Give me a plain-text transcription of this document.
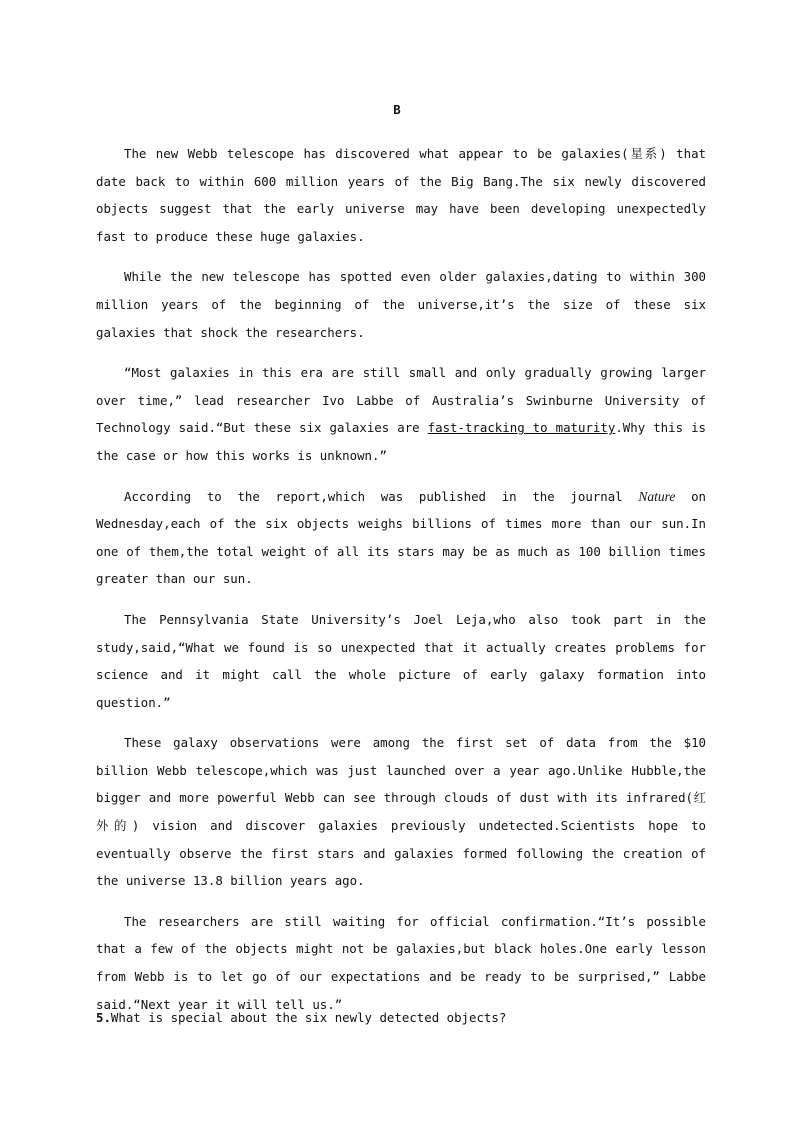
B

The new Webb telescope has discovered what appear to be galaxies(星系) that date back to within 600 million years of the Big Bang.The six newly discovered objects suggest that the early universe may have been developing unexpectedly fast to produce these huge galaxies.

While the new telescope has spotted even older galaxies,dating to within 300 million years of the beginning of the universe,it’s the size of these six galaxies that shock the researchers.

“Most galaxies in this era are still small and only gradually growing larger over time,” lead researcher Ivo Labbe of Australia’s Swinburne University of Technology said.“But these six galaxies are fast-tracking to maturity.Why this is the case or how this works is unknown.”

According to the report,which was published in the journal Nature on Wednesday,each of the six objects weighs billions of times more than our sun.In one of them,the total weight of all its stars may be as much as 100 billion times greater than our sun.

The Pennsylvania State University’s Joel Leja,who also took part in the study,said,“What we found is so unexpected that it actually creates problems for science and it might call the whole picture of early galaxy formation into question.”

These galaxy observations were among the first set of data from the $10 billion Webb telescope,which was just launched over a year ago.Unlike Hubble,the bigger and more powerful Webb can see through clouds of dust with its infrared(红外的) vision and discover galaxies previously undetected.Scientists hope to eventually observe the first stars and galaxies formed following the creation of the universe 13.8 billion years ago.

The researchers are still waiting for official confirmation.“It’s possible that a few of the objects might not be galaxies,but black holes.One early lesson from Webb is to let go of our expectations and be ready to be surprised,” Labbe said.“Next year it will tell us.”

5.What is special about the six newly detected objects?
